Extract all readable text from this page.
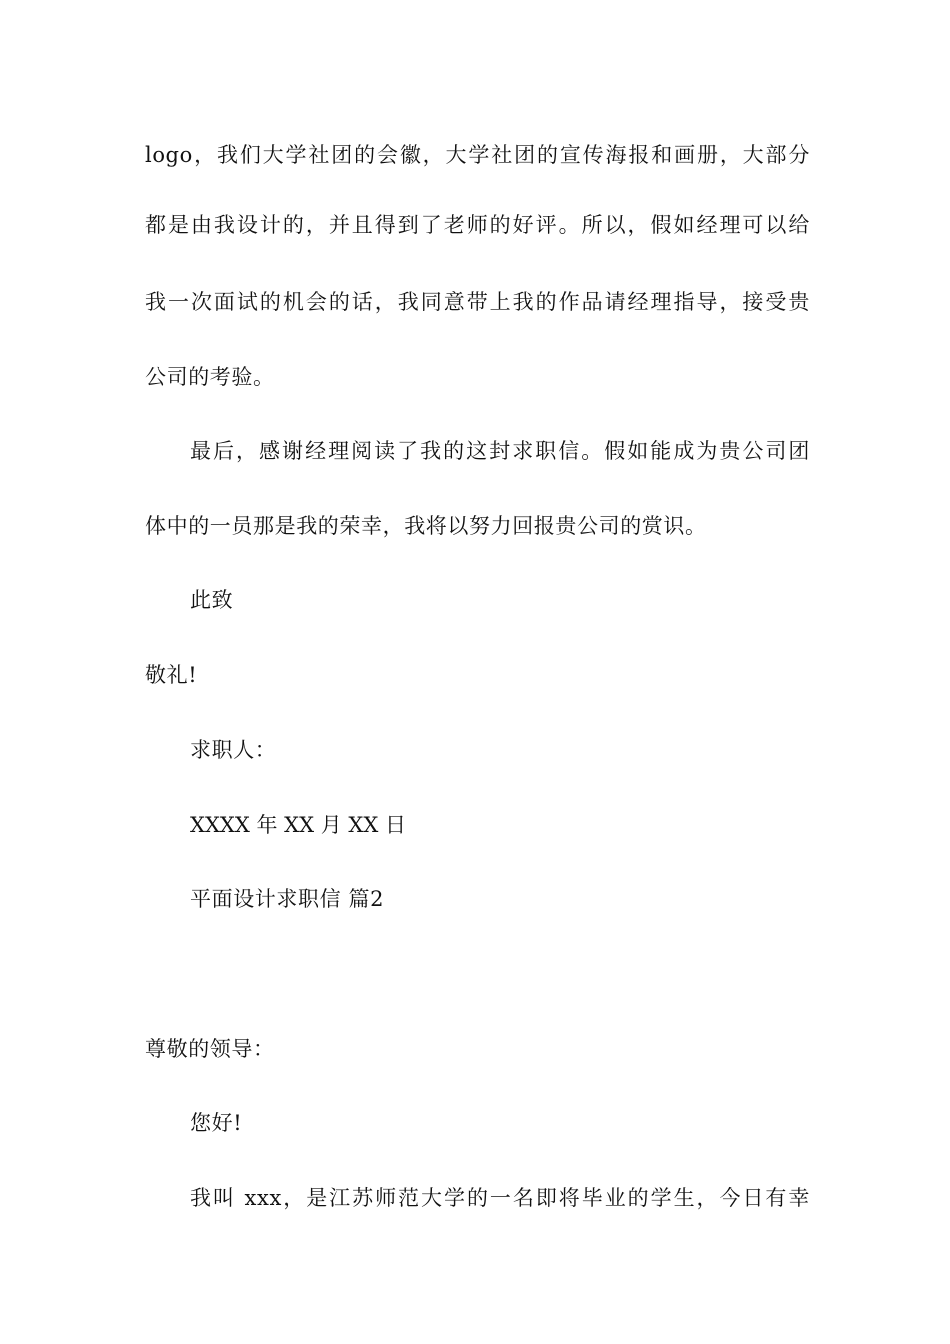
logo，我们大学社团的会徽，大学社团的宣传海报和画册，大部分
都是由我设计的，并且得到了老师的好评。所以，假如经理可以给
我一次面试的机会的话，我同意带上我的作品请经理指导，接受贵
公司的考验。
最后，感谢经理阅读了我的这封求职信。假如能成为贵公司团
体中的一员那是我的荣幸，我将以努力回报贵公司的赏识。
此致
敬礼!
求职人：
XXXX 年 XX 月 XX 日
平面设计求职信 篇2
尊敬的领导：
您好!
我叫 xxx，是江苏师范大学的一名即将毕业的学生，今日有幸
